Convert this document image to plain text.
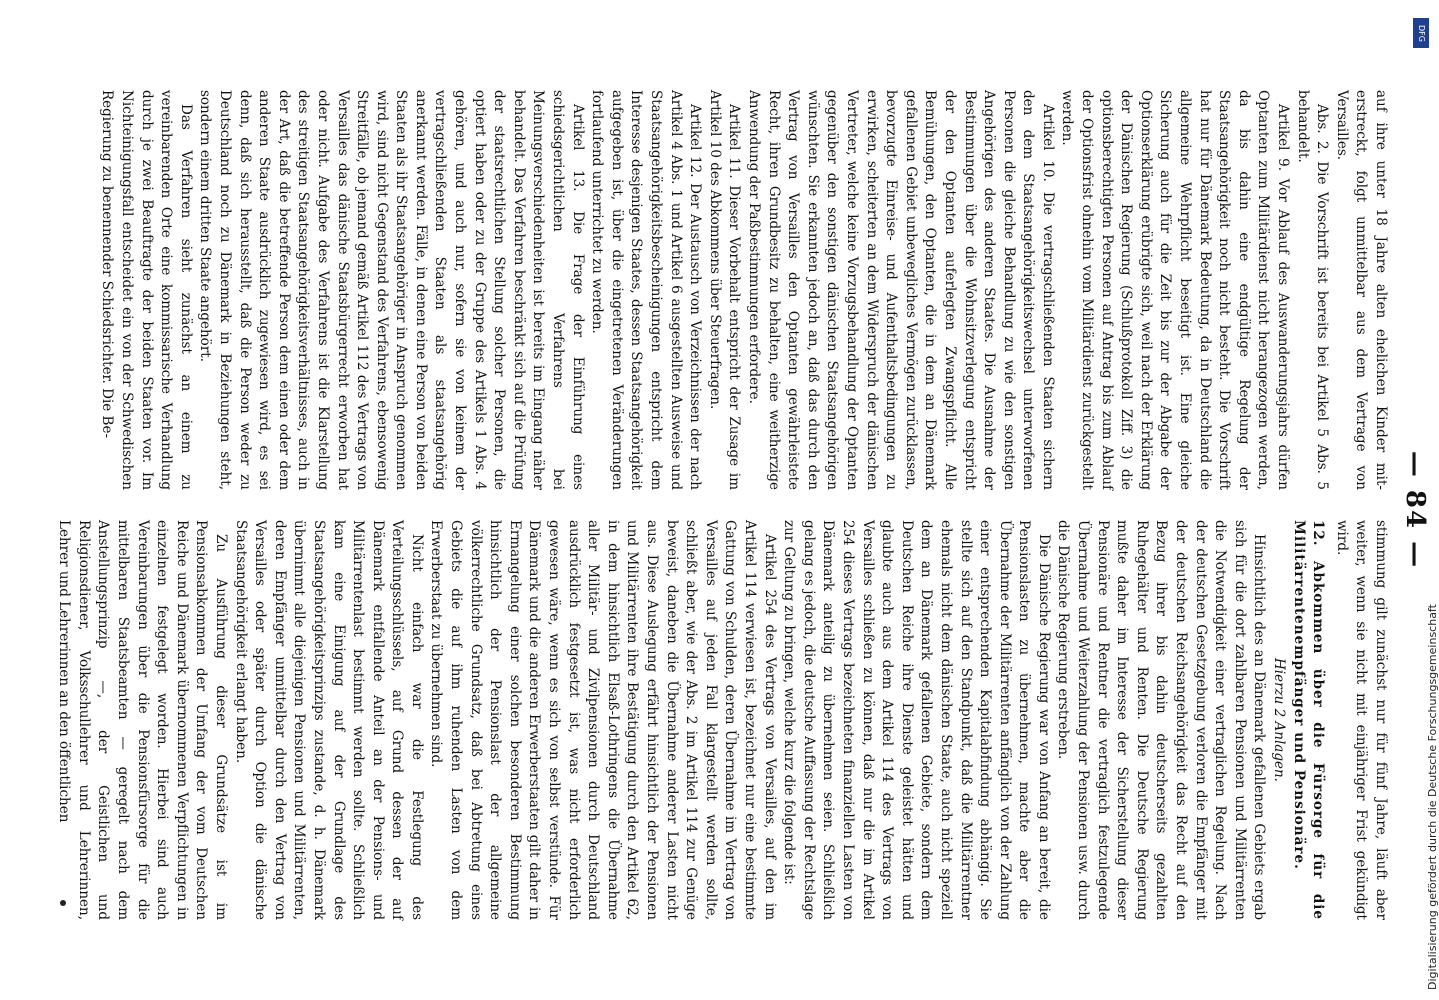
— 84 —

auf ihre unter 18 Jahre alten ehelichen Kinder mit-erstreckt, folgt unmittelbar aus dem Vertrage von Versailles.

Abs. 2. Die Vorschrift ist bereits bei Artikel 5 Abs. 5 behandelt.

Artikel 9. Vor Ablauf des Auswanderungsjahrs dürfen Optanten zum Militärdienst nicht herangezogen werden, da bis dahin eine endgültige Regelung der Staatsangehörigkeit noch nicht besteht. Die Vorschrift hat nur für Dänemark Bedeutung, da in Deutschland die allgemeine Wehrpflicht beseitigt ist. Eine gleiche Sicherung auch für die Zeit bis zur der Abgabe der Optionserklärung erübrigte sich, weil nach der Erklärung der Dänischen Regierung (Schlußprotokoll Ziff. 3) die optionsberechtigten Personen auf Antrag bis zum Ablauf der Optionsfrist ohnehin vom Militärdienst zurückgestellt werden.

Artikel 10. Die vertragschließenden Staaten sichern den dem Staatsangehörigkeitswechsel unterworfenen Personen die gleiche Behandlung zu wie den sonstigen Angehörigen des anderen Staates. Die Ausnahme der Bestimmungen über die Wohnsitzverlegung entspricht der den Optanten auferlegten Zwangspflicht. Alle Bemühungen, den Optanten, die in dem an Dänemark gefallenen Gebiet unbewegliches Vermögen zurücklassen, bevorzugte Einreise- und Aufenthaltsbedingungen zu erwirken, scheiterten an dem Widerspruch der dänischen Vertreter, welche keine Vorzugsbehandlung der Optanten gegenüber den sonstigen dänischen Staatsangehörigen wünschten. Sie erkannten jedoch an, daß das durch den Vertrag von Versailles den Optanten gewährleistete Recht, ihren Grundbesitz zu behalten, eine weitherzige Anwendung der Paßbestimmungen erfordere.

Artikel 11. Dieser Vorbehalt entspricht der Zusage im Artikel 10 des Abkommens über Steuerfragen.

Artikel 12. Der Austausch von Verzeichnissen der nach Artikel 4 Abs. 1 und Artikel 6 ausgestellten Ausweise und Staatsangehörigkeitsbescheinigungen entspricht dem Interesse desjenigen Staates, dessen Staatsangehörigkeit aufgegeben ist, über die eingetretenen Veränderungen fortlaufend unterrichtet zu werden.

Artikel 13. Die Frage der Einführung eines schiedsgerichtlichen Verfahrens bei Meinungsverschiedenheiten ist bereits im Eingang näher behandelt. Das Verfahren beschränkt sich auf die Prüfung der staatsrechtlichen Stellung solcher Personen, die optiert haben oder zu der Gruppe des Artikels 1 Abs. 4 gehören, und auch nur, sofern sie von keinem der vertragschließenden Staaten als staatsangehörig anerkannt werden. Fälle, in denen eine Person von beiden Staaten als ihr Staatsangehöriger in Anspruch genommen wird, sind nicht Gegenstand des Verfahrens, ebensowenig Streitfälle, ob jemand gemäß Artikel 112 des Vertrags von Versailles das dänische Staatsbürgerrecht erworben hat oder nicht. Aufgabe des Verfahrens ist die Klarstellung des streitigen Staatsangehörigkeitsverhältnisses, auch in der Art, daß die betreffende Person dem einen oder dem anderen Staate ausdrücklich zugewiesen wird, es sei denn, daß sich herausstellt, daß die Person weder zu Deutschland noch zu Dänemark in Beziehungen steht, sondern einem dritten Staate angehört.

Das Verfahren sieht zunächst an einem zu vereinbarenden Orte eine kommissarische Verhandlung durch je zwei Beauftragte der beiden Staaten vor. Im Nichteinigungsfall entscheidet ein von der Schwedischen Regierung zu benennender Schiedsrichter. Die Be-

stimmung gilt zunächst nur für fünf Jahre, läuft aber weiter, wenn sie nicht mit einjähriger Frist gekündigt wird.

12. Abkommen über die Fürsorge für die Militärrentenempfänger und Pensionäre.

Hierzu 2 Anlagen.

Hinsichtlich des an Dänemark gefallenen Gebiets ergab sich für die dort zahlbaren Pensionen und Militärrenten die Notwendigkeit einer vertraglichen Regelung. Nach der deutschen Gesetzgebung verloren die Empfänger mit der deutschen Reichsangehörigkeit das Recht auf den Bezug ihrer bis dahin deutscherseits gezahlten Ruhegehälter und Renten. Die Deutsche Regierung mußte daher im Interesse der Sicherstellung dieser Pensionäre und Rentner die vertraglich festzulegende Übernahme und Weiterzahlung der Pensionen usw. durch die Dänische Regierung erstreben.

Die Dänische Regierung war von Anfang an bereit, die Pensionslasten zu übernehmen, machte aber die Übernahme der Militärrenten anfänglich von der Zahlung einer entsprechenden Kapitalabfindung abhängig. Sie stellte sich auf den Standpunkt, daß die Militärrentner ehemals nicht dem dänischen Staate, auch nicht speziell dem an Dänemark gefallenen Gebiete, sondern dem Deutschen Reiche ihre Dienste geleistet hätten und glaubte auch aus dem Artikel 114 des Vertrags von Versailles schließen zu können, daß nur die im Artikel 254 dieses Vertrags bezeichneten finanziellen Lasten von Dänemark anteilig zu übernehmen seien. Schließlich gelang es jedoch, die deutsche Auffassung der Rechtslage zur Geltung zu bringen, welche kurz die folgende ist:

Artikel 254 des Vertrags von Versailles, auf den im Artikel 114 verwiesen ist, bezeichnet nur eine bestimmte Gattung von Schulden, deren Übernahme im Vertrag von Versailles auf jeden Fall klargestellt werden sollte, schließt aber, wie der Abs. 2 im Artikel 114 zur Genüge beweist, daneben die Übernahme anderer Lasten nicht aus. Diese Auslegung erfährt hinsichtlich der Pensionen und Militärrenten ihre Bestätigung durch den Artikel 62, in dem hinsichtlich Elsaß-Lothringens die Übernahme aller Militär- und Zivilpensionen durch Deutschland ausdrücklich festgesetzt ist, was nicht erforderlich gewesen wäre, wenn es sich von selbst verstünde. Für Dänemark und die anderen Erwerberstaaten gilt daher in Ermangelung einer solchen besonderen Bestimmung hinsichtlich der Pensionslast der allgemeine völkerrechtliche Grundsatz, daß bei Abtretung eines Gebiets die auf ihm ruhenden Lasten von dem Erwerberstaat zu übernehmen sind.

Nicht einfach war die Festlegung des Verteilungsschlüssels, auf Grund dessen der auf Dänemark entfallende Anteil an der Pensions- und Militärrentenlast bestimmt werden sollte. Schließlich kam eine Einigung auf der Grundlage des Staatsangehörigkeitsprinzips zustande, d. h. Dänemark übernimmt alle diejenigen Pensionen und Militärrenten, deren Empfänger unmittelbar durch den Vertrag von Versailles oder später durch Option die dänische Staatsangehörigkeit erlangt haben.

Zu Ausführung dieser Grundsätze ist im Pensionsabkommen der Umfang der vom Deutschen Reiche und Dänemark übernommenen Verpflichtungen in einzelnen festgelegt worden. Hierbei sind auch Vereinbarungen über die Pensionsfürsorge für die mittelbaren Staatsbeamten — geregelt nach dem Anstellungsprinzip —, der Geistlichen und Religionsdiener, Volksschullehrer und Lehrerinnen, Lehrer und Lehrerinnen an den öffentlichen

DFG
Digitalisierung gefördert durch die Deutsche Forschungsgemeinschaft
